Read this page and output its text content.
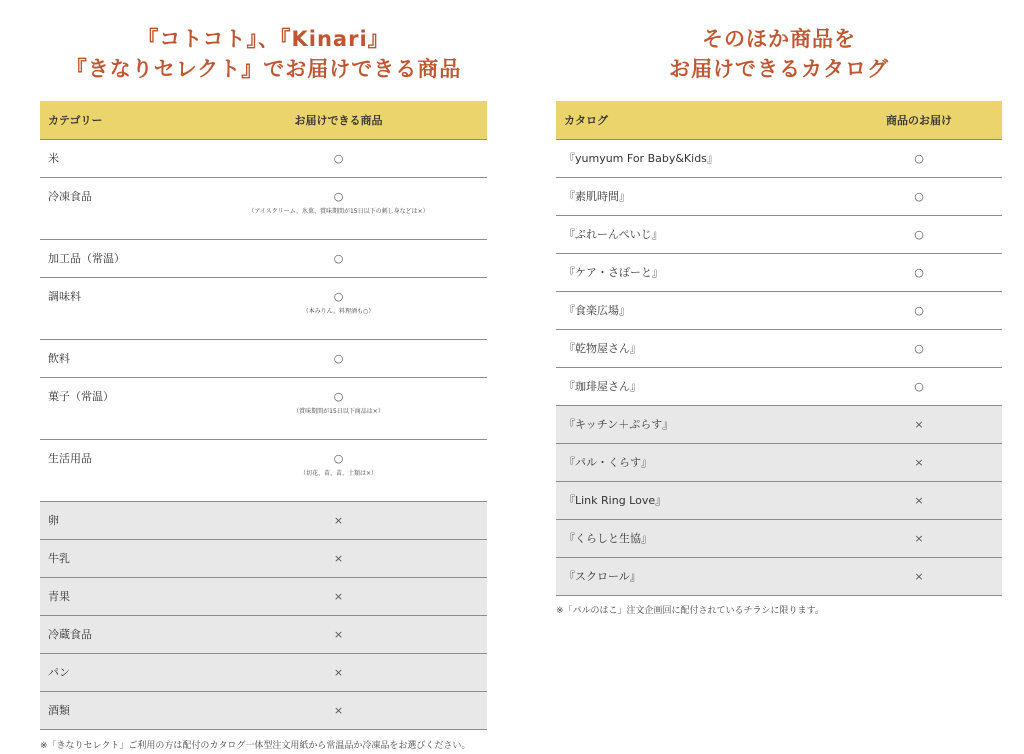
『コトコト』、『Kinari』
『きなりセレクト』でお届けできる商品
カテゴリー	お届けできる商品

米	○

冷凍食品	○
（アイスクリーム、氷菓、賞味期間が15日以下の刺し身などは×）

加工品（常温）	○

調味料	○
（本みりん、料理酒も○）

飲料	○

菓子（常温）	○
（賞味期間が15日以下商品は×）

生活用品	○
（切花、苗、苗、土類は×）

卵	×

牛乳	×

青果	×

冷蔵食品	×

パン	×

酒類	×
※「きなりセレクト」ご利用の方は配付のカタログ一体型注文用紙から常温品か冷凍品をお選びください。
そのほか商品を
お届けできるカタログ
カタログ	商品のお届け

『yumyum For Baby&Kids』	○

『素肌時間』	○

『ぷれーんぺいじ』	○

『ケア・さぽーと』	○

『食楽広場』	○

『乾物屋さん』	○

『珈琲屋さん』	○

『キッチン＋ぷらす』	×

『パル・くらす』	×

『Link Ring Love』	×

『くらしと生協』	×

『スクロール』	×
※「パルのはこ」注文企画回に配付されているチラシに限ります。
